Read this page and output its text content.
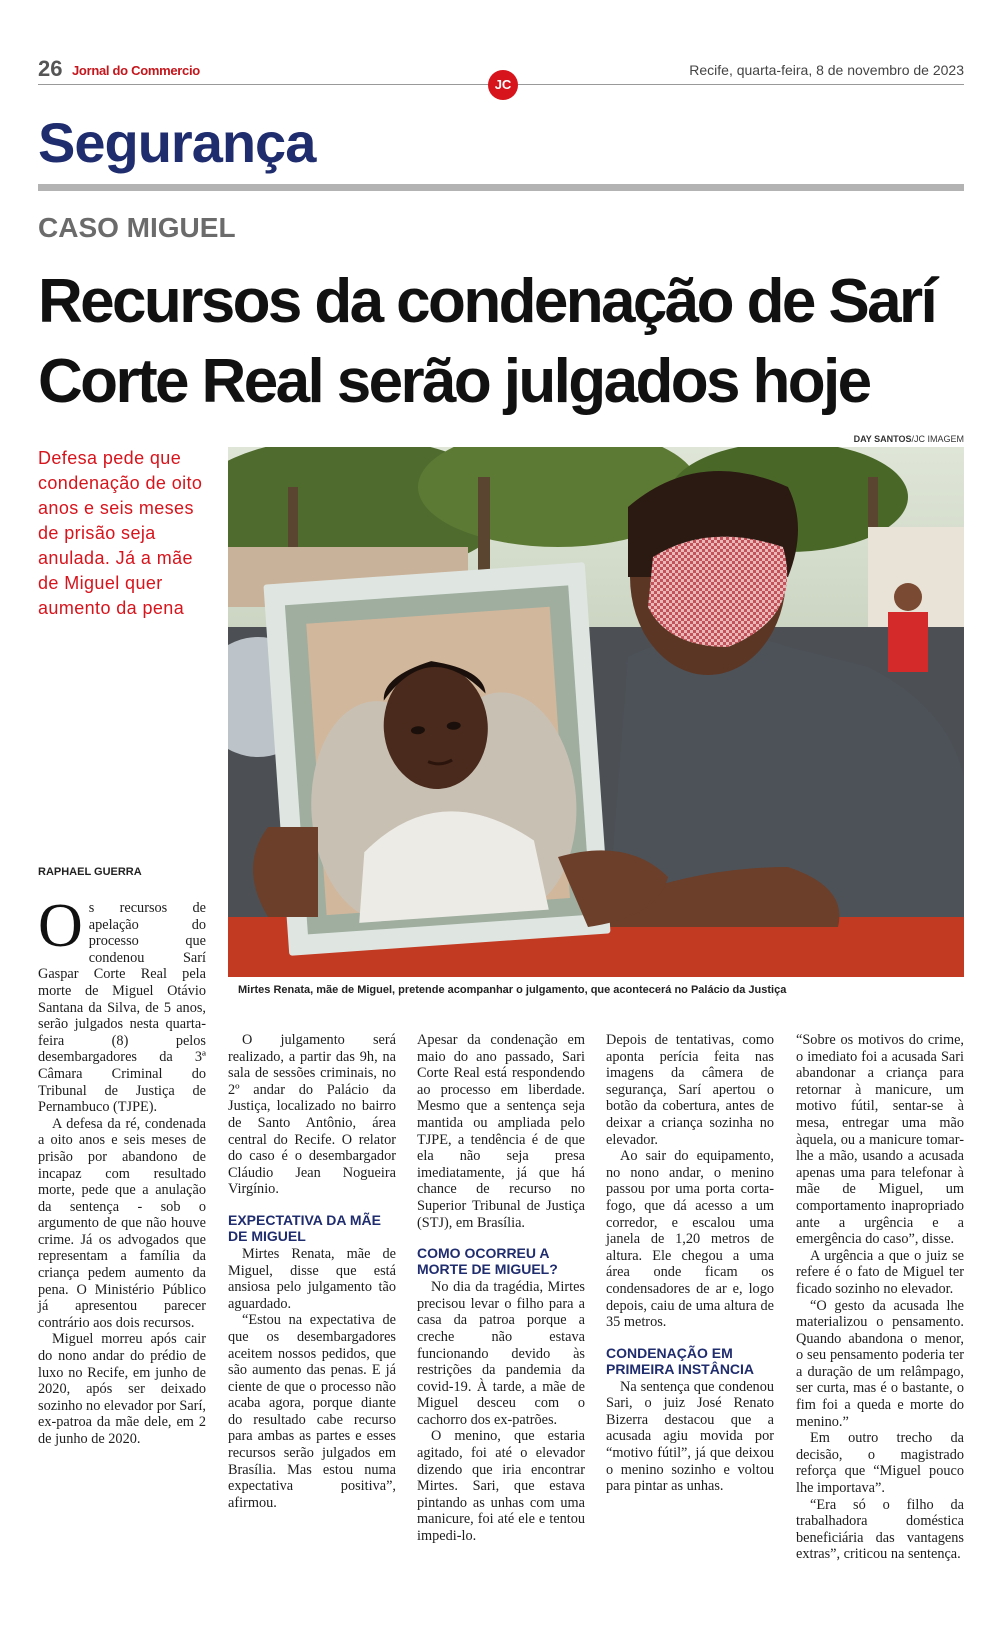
26 Jornal do Commercio
JC
Recife, quarta-feira, 8 de novembro de 2023
Segurança
CASO MIGUEL
Recursos da condenação de Sarí Corte Real serão julgados hoje
DAY SANTOS/JC IMAGEM
Defesa pede que condenação de oito anos e seis meses de prisão seja anulada. Já a mãe de Miguel quer aumento da pena
Mirtes Renata, mãe de Miguel, pretende acompanhar o julgamento, que acontecerá no Palácio da Justiça
RAPHAEL GUERRA

Os recursos de apelação do processo que condenou Sarí Gaspar Corte Real pela morte de Miguel Otávio Santana da Silva, de 5 anos, serão julgados nesta quarta-feira (8) pelos desembargadores da 3ª Câmara Criminal do Tribunal de Justiça de Pernambuco (TJPE).

A defesa da ré, condenada a oito anos e seis meses de prisão por abandono de incapaz com resultado morte, pede que a anulação da sentença - sob o argumento de que não houve crime. Já os advogados que representam a família da criança pedem aumento da pena. O Ministério Público já apresentou parecer contrário aos dois recursos.

Miguel morreu após cair do nono andar do prédio de luxo no Recife, em junho de 2020, após ser deixado sozinho no elevador por Sarí, ex-patroa da mãe dele, em 2 de junho de 2020.

O julgamento será realizado, a partir das 9h, na sala de sessões criminais, no 2º andar do Palácio da Justiça, localizado no bairro de Santo Antônio, área central do Recife. O relator do caso é o desembargador Cláudio Jean Nogueira Virgínio.

EXPECTATIVA DA MÃE DE MIGUEL

Mirtes Renata, mãe de Miguel, disse que está ansiosa pelo julgamento tão aguardado.

“Estou na expectativa de que os desembargadores aceitem nossos pedidos, que são aumento das penas. E já ciente de que o processo não acaba agora, porque diante do resultado cabe recurso para ambas as partes e esses recursos serão julgados em Brasília. Mas estou numa expectativa positiva”, afirmou.

Apesar da condenação em maio do ano passado, Sari Corte Real está respondendo ao processo em liberdade. Mesmo que a sentença seja mantida ou ampliada pelo TJPE, a tendência é de que ela não seja presa imediatamente, já que há chance de recurso no Superior Tribunal de Justiça (STJ), em Brasília.

COMO OCORREU A MORTE DE MIGUEL?

No dia da tragédia, Mirtes precisou levar o filho para a casa da patroa porque a creche não estava funcionando devido às restrições da pandemia da covid-19. À tarde, a mãe de Miguel desceu com o cachorro dos ex-patrões.

O menino, que estaria agitado, foi até o elevador dizendo que iria encontrar Mirtes. Sari, que estava pintando as unhas com uma manicure, foi até ele e tentou impedi-lo.

Depois de tentativas, como aponta perícia feita nas imagens da câmera de segurança, Sarí apertou o botão da cobertura, antes de deixar a criança sozinha no elevador.

Ao sair do equipamento, no nono andar, o menino passou por uma porta corta-fogo, que dá acesso a um corredor, e escalou uma janela de 1,20 metros de altura. Ele chegou a uma área onde ficam os condensadores de ar e, logo depois, caiu de uma altura de 35 metros.

CONDENAÇÃO EM PRIMEIRA INSTÂNCIA

Na sentença que condenou Sari, o juiz José Renato Bizerra destacou que a acusada agiu movida por “motivo fútil”, já que deixou o menino sozinho e voltou para pintar as unhas.

“Sobre os motivos do crime, o imediato foi a acusada Sari abandonar a criança para retornar à manicure, um motivo fútil, sentar-se à mesa, entregar uma mão àquela, ou a manicure tomar-lhe a mão, usando a acusada apenas uma para telefonar à mãe de Miguel, um comportamento inapropriado ante a urgência e a emergência do caso”, disse.

A urgência a que o juiz se refere é o fato de Miguel ter ficado sozinho no elevador.

“O gesto da acusada lhe materializou o pensamento. Quando abandona o menor, o seu pensamento poderia ter a duração de um relâmpago, ser curta, mas é o bastante, o fim foi a queda e morte do menino.”

Em outro trecho da decisão, o magistrado reforça que “Miguel pouco lhe importava”.

“Era só o filho da trabalhadora doméstica beneficiária das vantagens extras”, criticou na sentença.
